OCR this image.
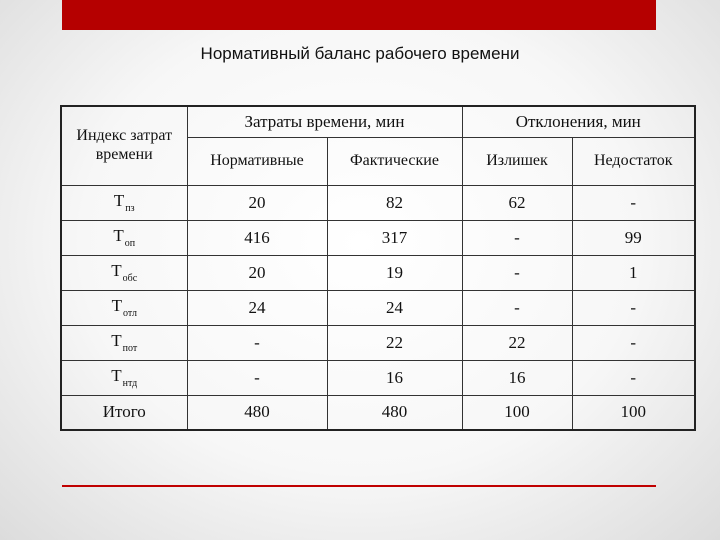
Нормативный баланс рабочего времени
Индекс затрат времени	Затраты времени, мин		Отклонения, мин	
	Нормативные	Фактические	Излишек	Недостаток
$Т_{пз}$	20	82	62	-
$Т_{оп}$	416	317	-	99
$Т_{обс}$	20	19	-	1
$Т_{отл}$	24	24	-	-
$Т_{пот}$	-	22	22	-
$Т_{нтд}$	-	16	16	-
Итого	480	480	100	100
